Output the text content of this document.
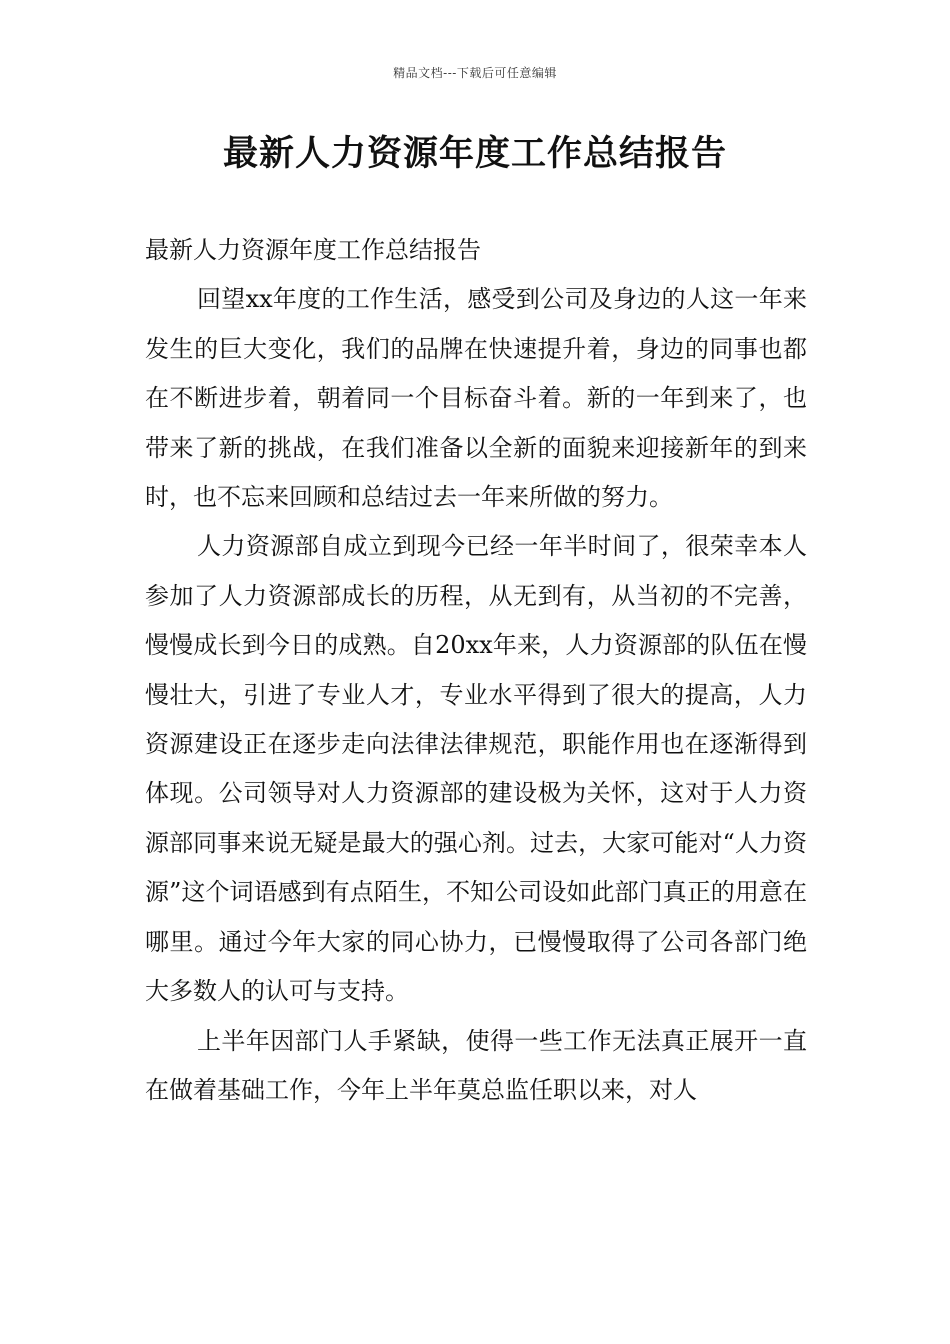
精品文档---下载后可任意编辑
最新人力资源年度工作总结报告

最新人力资源年度工作总结报告

回望xx年度的工作生活，感受到公司及身边的人这一年来发生的巨大变化，我们的品牌在快速提升着，身边的同事也都在不断进步着，朝着同一个目标奋斗着。新的一年到来了，也带来了新的挑战，在我们准备以全新的面貌来迎接新年的到来时，也不忘来回顾和总结过去一年来所做的努力。

人力资源部自成立到现今已经一年半时间了，很荣幸本人参加了人力资源部成长的历程，从无到有，从当初的不完善，慢慢成长到今日的成熟。自20xx年来，人力资源部的队伍在慢慢壮大，引进了专业人才，专业水平得到了很大的提高，人力资源建设正在逐步走向法律法律规范，职能作用也在逐渐得到体现。公司领导对人力资源部的建设极为关怀，这对于人力资源部同事来说无疑是最大的强心剂。过去，大家可能对“人力资源”这个词语感到有点陌生，不知公司设如此部门真正的用意在哪里。通过今年大家的同心协力，已慢慢取得了公司各部门绝大多数人的认可与支持。

上半年因部门人手紧缺，使得一些工作无法真正展开一直在做着基础工作，今年上半年莫总监任职以来，对人
